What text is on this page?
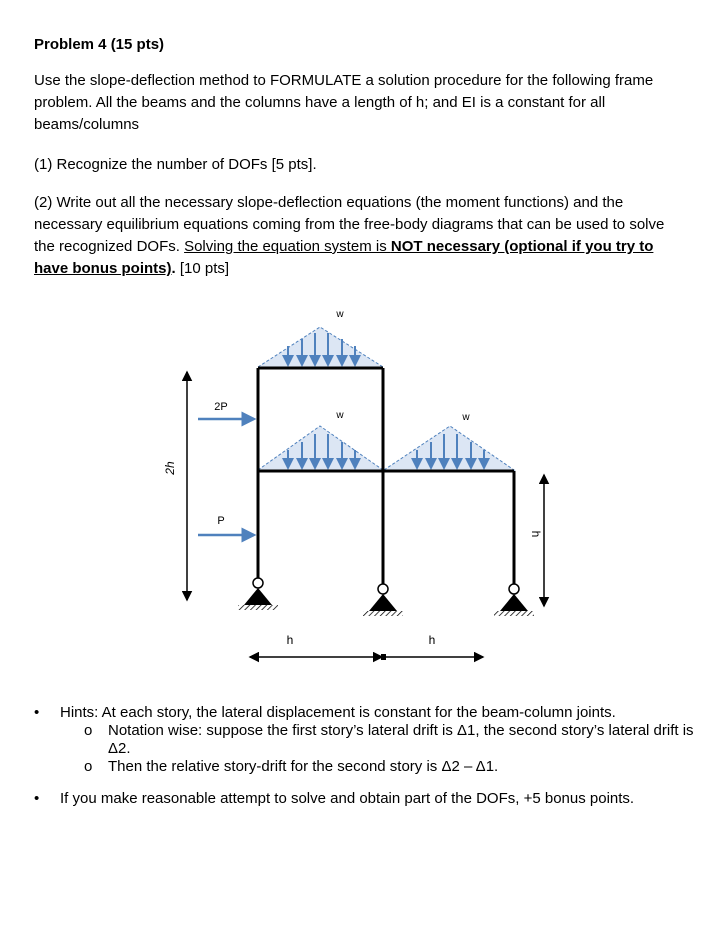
Problem 4 (15 pts)
Use the slope-deflection method to FORMULATE a solution procedure for the following frame problem. All the beams and the columns have a length of h; and EI is a constant for all beams/columns
(1) Recognize the number of DOFs [5 pts].
(2) Write out all the necessary slope-deflection equations (the moment functions) and the necessary equilibrium equations coming from the free-body diagrams that can be used to solve the recognized DOFs. Solving the equation system is NOT necessary (optional if you try to have bonus points). [10 pts]
w
w	w
2P
P
2h
h
h	h
• Hints: At each story, the lateral displacement is constant for the beam-column joints.
o Notation wise: suppose the first story’s lateral drift is Δ1, the second story’s lateral drift is Δ2.
o Then the relative story-drift for the second story is Δ2 – Δ1.
• If you make reasonable attempt to solve and obtain part of the DOFs, +5 bonus points.
